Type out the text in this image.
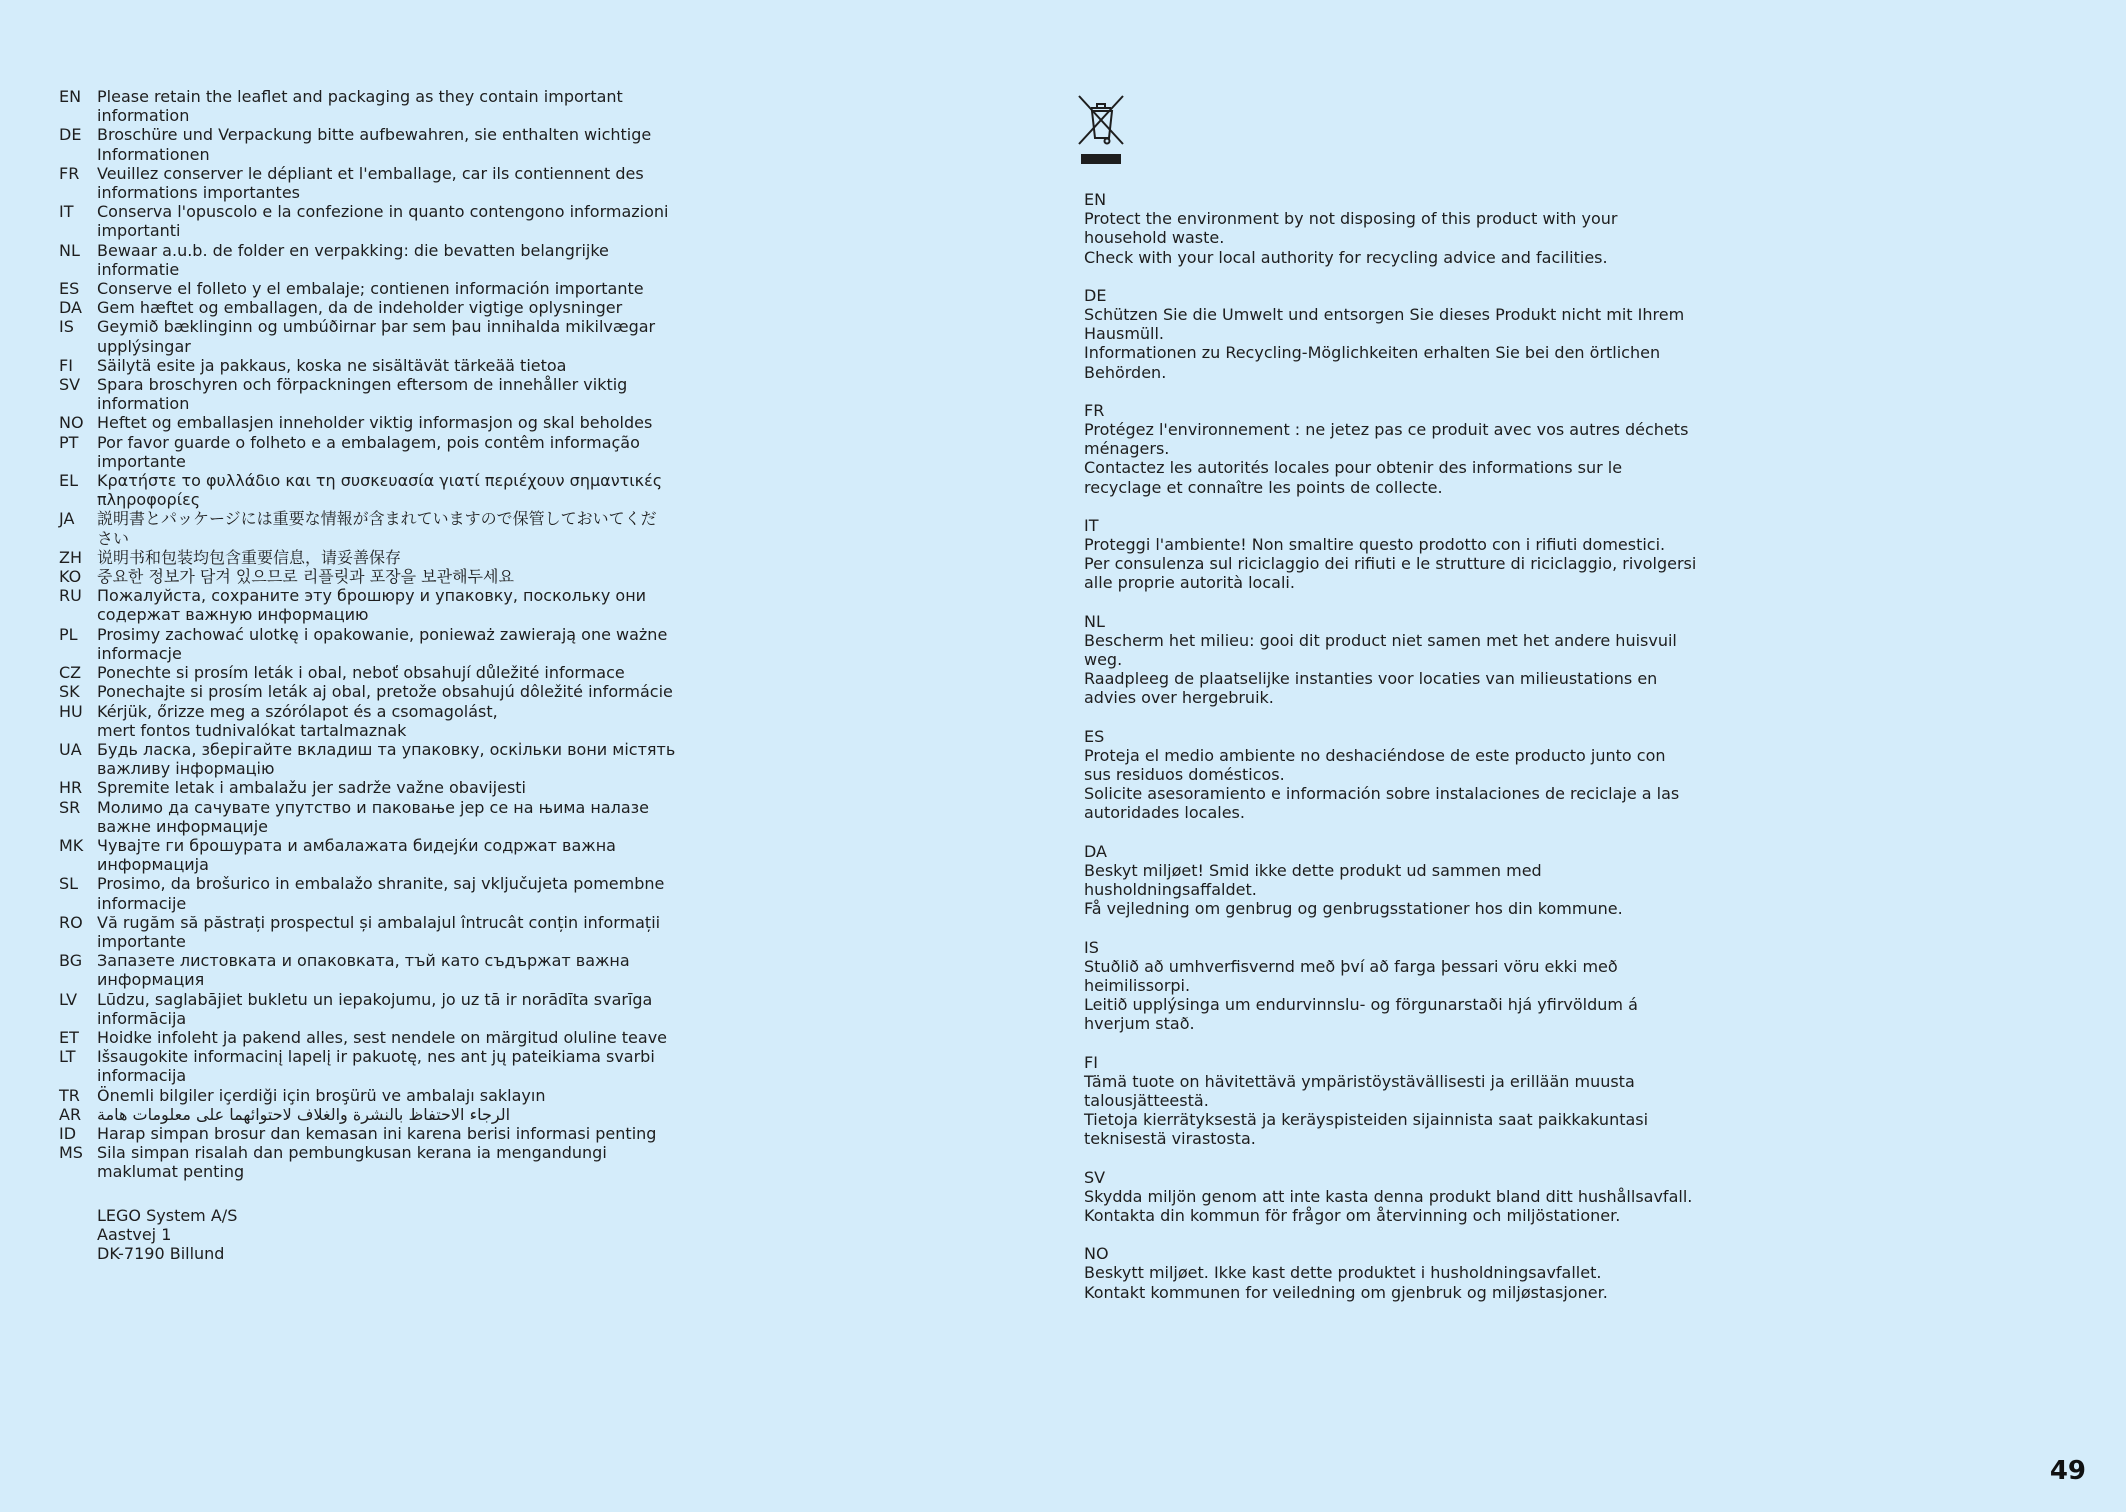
EN Please retain the leaflet and packaging as they contain important
information
DE Broschüre und Verpackung bitte aufbewahren, sie enthalten wichtige
Informationen
FR	Veuillez conserver le dépliant et l'emballage, car ils contiennent des
informations importantes
IT	Conserva l'opuscolo e la confezione in quanto contengono informazioni
importanti
NL	Bewaar a.u.b. de folder en verpakking: die bevatten belangrijke
informatie
ES	Conserve el folleto y el embalaje; contienen información importante
DA Gem hæftet og emballagen, da de indeholder vigtige oplysninger
IS	Geymið bæklinginn og umbúðirnar þar sem þau innihalda mikilvægar
upplýsingar
FI	Säilytä esite ja pakkaus, koska ne sisältävät tärkeää tietoa
SV	Spara broschyren och förpackningen eftersom de innehåller viktig
information
NO Heftet og emballasjen inneholder viktig informasjon og skal beholdes
PT	Por favor guarde o folheto e a embalagem, pois contêm informação
importante
EL	Κρατήστε το φυλλάδιο και τη συσκευασία γιατί περιέχουν σημαντικές
πληροφορίες
JA	説明書とパッケージには重要な情報が含まれていますので保管しておいてくだ
さい
ZH 说明书和包装均包含重要信息，请妥善保存
KO 중요한 정보가 담겨 있으므로 리플릿과 포장을 보관해두세요
RU Пожалуйста, сохраните эту брошюру и упаковку, поскольку они
содержат важную информацию
PL	Prosimy zachować ulotkę i opakowanie, ponieważ zawierają one ważne
informacje
CZ Ponechte si prosím leták i obal, neboť obsahují důležité informace
SK	Ponechajte si prosím leták aj obal, pretože obsahujú dôležité informácie
HU Kérjük, őrizze meg a szórólapot és a csomagolást,
mert fontos tudnivalókat tartalmaznak
UA Будь ласка, зберігайте вкладиш та упаковку, оскільки вони містять
важливу інформацію
HR Spremite letak i ambalažu jer sadrže važne obavijesti
SR	Молимо да сачувате упутство и паковање јер се на њима налазе
важне информације
MK Чувајте ги брошурата и амбалажата бидејќи содржат важна
информација
SL	Prosimo, da brošurico in embalažo shranite, saj vključujeta pomembne
informacije
RO Vă rugăm să păstrați prospectul și ambalajul întrucât conțin informații
importante
BG Запазете листовката и опаковката, тъй като съдържат важна
информация
LV	Lūdzu, saglabājiet bukletu un iepakojumu, jo uz tā ir norādīta svarīga
informācija
ET	Hoidke infoleht ja pakend alles, sest nendele on märgitud oluline teave
LT	Išsaugokite informacinį lapelį ir pakuotę, nes ant jų pateikiama svarbi
informacija
TR	Önemli bilgiler içerdiği için broşürü ve ambalajı saklayın
AR الرجاء الاحتفاظ بالنشرة والغلاف لاحتوائهما على معلومات هامة
ID	Harap simpan brosur dan kemasan ini karena berisi informasi penting
MS Sila simpan risalah dan pembungkusan kerana ia mengandungi
maklumat penting
LEGO System A/S
Aastvej 1
DK-7190 Billund
EN
Protect the environment by not disposing of this product with your
household waste.
Check with your local authority for recycling advice and facilities.
DE
Schützen Sie die Umwelt und entsorgen Sie dieses Produkt nicht mit Ihrem
Hausmüll.
Informationen zu Recycling-Möglichkeiten erhalten Sie bei den örtlichen
Behörden.
FR
Protégez l'environnement : ne jetez pas ce produit avec vos autres déchets
ménagers.
Contactez les autorités locales pour obtenir des informations sur le
recyclage et connaître les points de collecte.
IT
Proteggi l'ambiente! Non smaltire questo prodotto con i rifiuti domestici.
Per consulenza sul riciclaggio dei rifiuti e le strutture di riciclaggio, rivolgersi
alle proprie autorità locali.
NL
Bescherm het milieu: gooi dit product niet samen met het andere huisvuil
weg.
Raadpleeg de plaatselijke instanties voor locaties van milieustations en
advies over hergebruik.
ES
Proteja el medio ambiente no deshaciéndose de este producto junto con
sus residuos domésticos.
Solicite asesoramiento e información sobre instalaciones de reciclaje a las
autoridades locales.
DA
Beskyt miljøet! Smid ikke dette produkt ud sammen med
husholdningsaffaldet.
Få vejledning om genbrug og genbrugsstationer hos din kommune.
IS
Stuðlið að umhverfisvernd með því að farga þessari vöru ekki með
heimilissorpi.
Leitið upplýsinga um endurvinnslu- og förgunarstaði hjá yfirvöldum á
hverjum stað.
FI
Tämä tuote on hävitettävä ympäristöystävällisesti ja erillään muusta
talousjätteestä.
Tietoja kierrätyksestä ja keräyspisteiden sijainnista saat paikkakuntasi
teknisestä virastosta.
SV
Skydda miljön genom att inte kasta denna produkt bland ditt hushållsavfall.
Kontakta din kommun för frågor om återvinning och miljöstationer.
NO
Beskytt miljøet. Ikke kast dette produktet i husholdningsavfallet.
Kontakt kommunen for veiledning om gjenbruk og miljøstasjoner.
49
